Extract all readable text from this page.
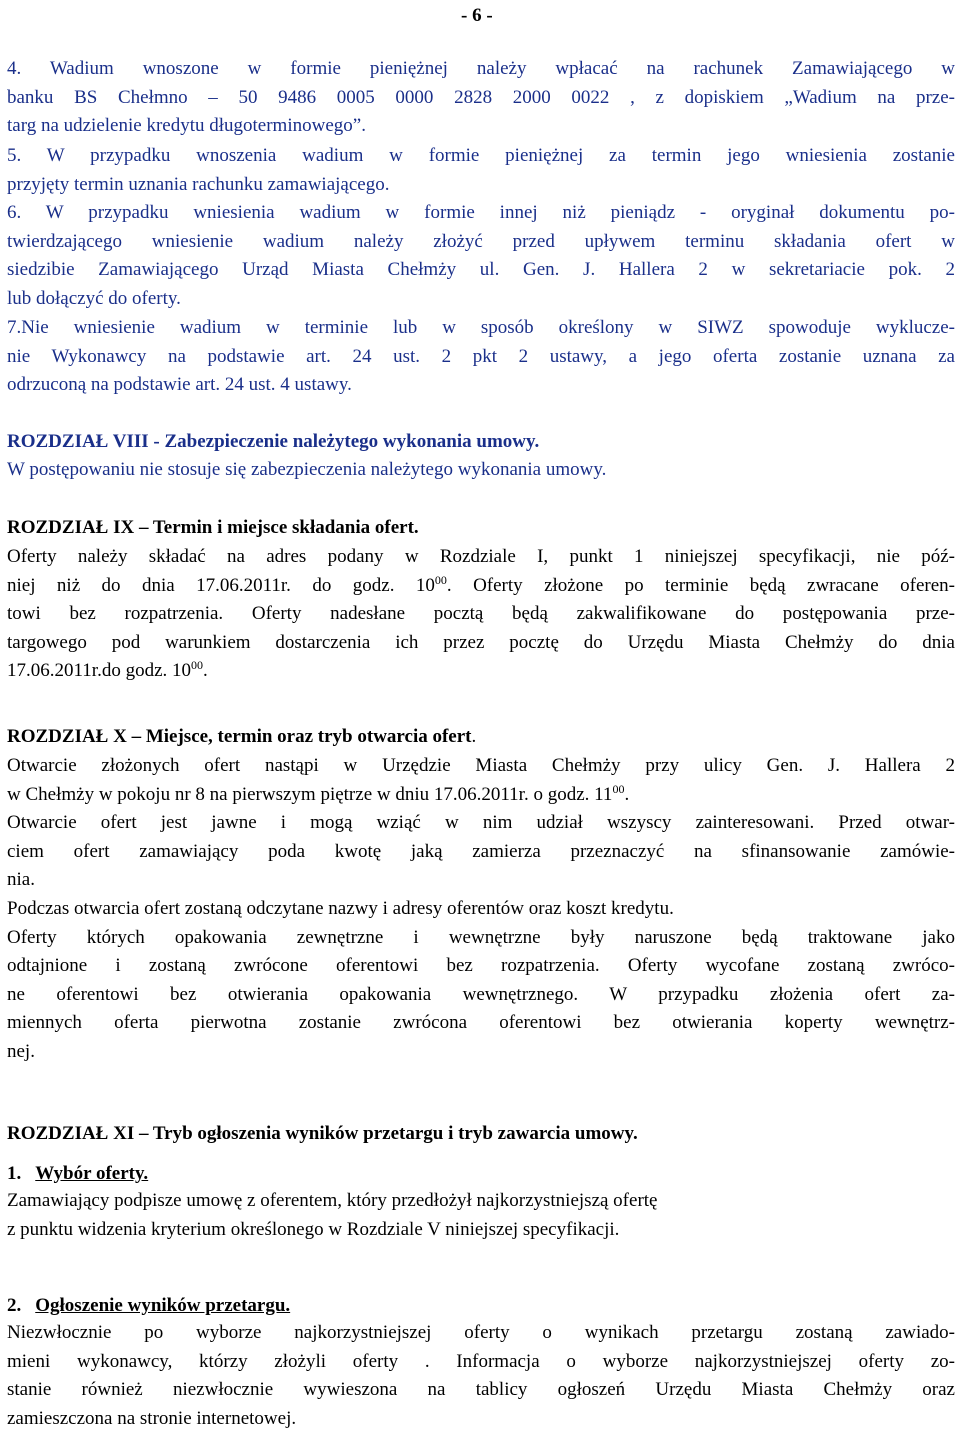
- 6 -
4. Wadium wnoszone w formie pieniężnej należy wpłacać na rachunek Zamawiającego w
banku BS Chełmno – 50 9486 0005 0000 2828 2000 0022 , z dopiskiem „Wadium na prze-
targ na udzielenie kredytu długoterminowego”.
5. W przypadku wnoszenia wadium w formie pieniężnej za termin jego wniesienia zostanie
przyjęty termin uznania rachunku zamawiającego.
6. W przypadku wniesienia wadium w formie innej niż pieniądz - oryginał dokumentu po-
twierdzającego wniesienie wadium należy złożyć przed upływem terminu składania ofert w
siedzibie Zamawiającego Urząd Miasta Chełmży ul. Gen. J. Hallera 2 w sekretariacie pok. 2
lub dołączyć do oferty.
7.Nie wniesienie wadium w terminie lub w sposób określony w SIWZ spowoduje wyklucze-
nie Wykonawcy na podstawie art. 24 ust. 2 pkt 2 ustawy, a jego oferta zostanie uznana za
odrzuconą na podstawie art. 24 ust. 4 ustawy.
ROZDZIAŁ VIII - Zabezpieczenie należytego wykonania umowy.
W postępowaniu nie stosuje się zabezpieczenia należytego wykonania umowy.
ROZDZIAŁ IX – Termin i miejsce składania ofert.
Oferty należy składać na adres podany w Rozdziale I, punkt 1 niniejszej specyfikacji, nie póź-
niej niż do dnia 17.06.2011r. do godz. $10^{00}$. Oferty złożone po terminie będą zwracane oferen-
towi bez rozpatrzenia. Oferty nadesłane pocztą będą zakwalifikowane do postępowania prze-
targowego pod warunkiem dostarczenia ich przez pocztę do Urzędu Miasta Chełmży do dnia
17.06.2011r.do godz. $10^{00}$.
ROZDZIAŁ X – Miejsce, termin oraz tryb otwarcia ofert.
Otwarcie złożonych ofert nastąpi w Urzędzie Miasta Chełmży przy ulicy Gen. J. Hallera 2
w Chełmży w pokoju nr 8 na pierwszym piętrze w dniu 17.06.2011r. o godz. $11^{00}$.
Otwarcie ofert jest jawne i mogą wziąć w nim udział wszyscy zainteresowani. Przed otwar-
ciem ofert zamawiający poda kwotę jaką zamierza przeznaczyć na sfinansowanie zamówie-
nia.
Podczas otwarcia ofert zostaną odczytane nazwy i adresy oferentów oraz koszt kredytu.
Oferty których opakowania zewnętrzne i wewnętrzne były naruszone będą traktowane jako
odtajnione i zostaną zwrócone oferentowi bez rozpatrzenia. Oferty wycofane zostaną zwróco-
ne oferentowi bez otwierania opakowania wewnętrznego. W przypadku złożenia ofert za-
miennych oferta pierwotna zostanie zwrócona oferentowi bez otwierania koperty wewnętrz-
nej.
ROZDZIAŁ XI – Tryb ogłoszenia wyników przetargu i tryb zawarcia umowy.
1. Wybór oferty.
Zamawiający podpisze umowę z oferentem, który przedłożył najkorzystniejszą ofertę
z punktu widzenia kryterium określonego w Rozdziale V niniejszej specyfikacji.
2. Ogłoszenie wyników przetargu.
Niezwłocznie po wyborze najkorzystniejszej oferty o wynikach przetargu zostaną zawiado-
mieni wykonawcy, którzy złożyli oferty . Informacja o wyborze najkorzystniejszej oferty zo-
stanie również niezwłocznie wywieszona na tablicy ogłoszeń Urzędu Miasta Chełmży oraz
zamieszczona na stronie internetowej.
